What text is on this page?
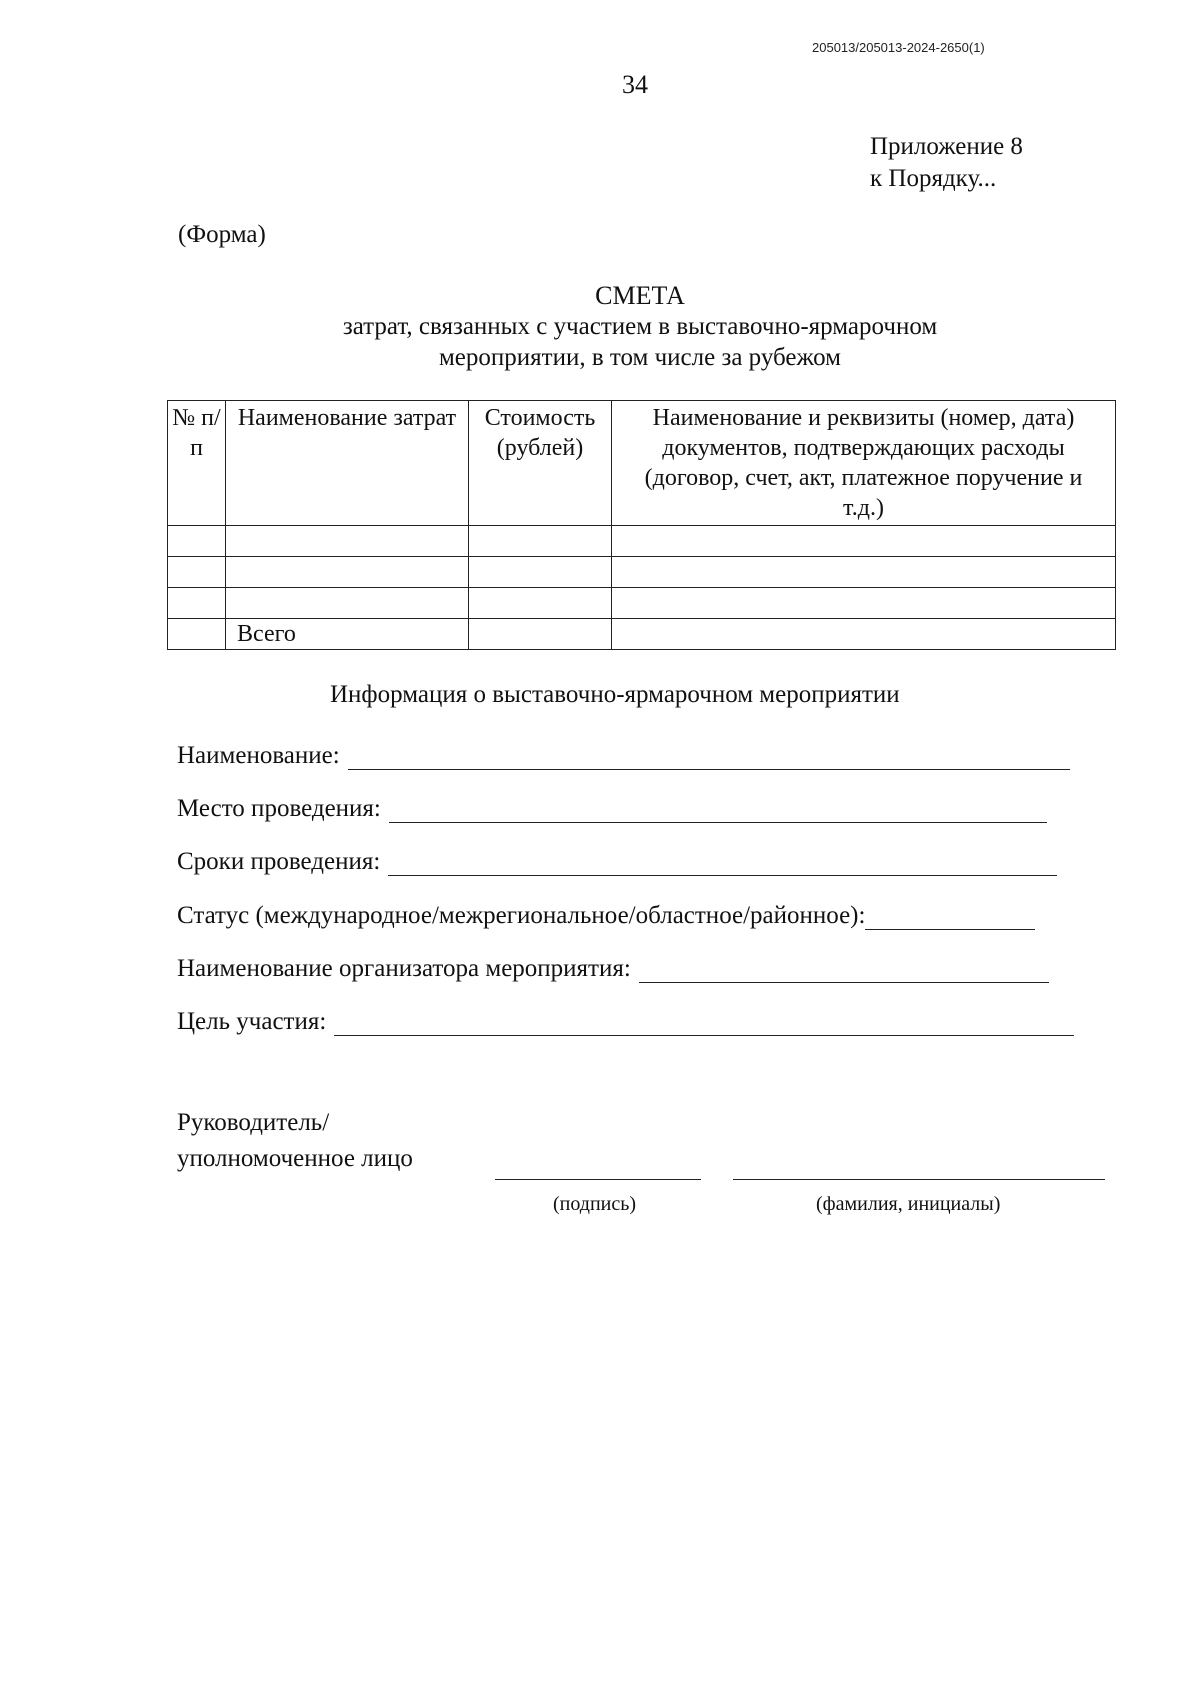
205013/205013-2024-2650(1)
34
Приложение 8
к Порядку...
(Форма)
СМЕТА
затрат, связанных с участием в выставочно-ярмарочном
мероприятии, в том числе за рубежом
№ п/п	Наименование затрат	Стоимость (рублей)	Наименование и реквизиты (номер, дата) документов, подтверждающих расходы (договор, счет, акт, платежное поручение и т.д.)

	Всего		
Информация о выставочно-ярмарочном мероприятии
Наименование:
Место проведения:
Сроки проведения:
Статус (международное/межрегиональное/областное/районное):
Наименование организатора мероприятия:
Цель участия:
Руководитель/
уполномоченное лицо
(подпись)	(фамилия, инициалы)
